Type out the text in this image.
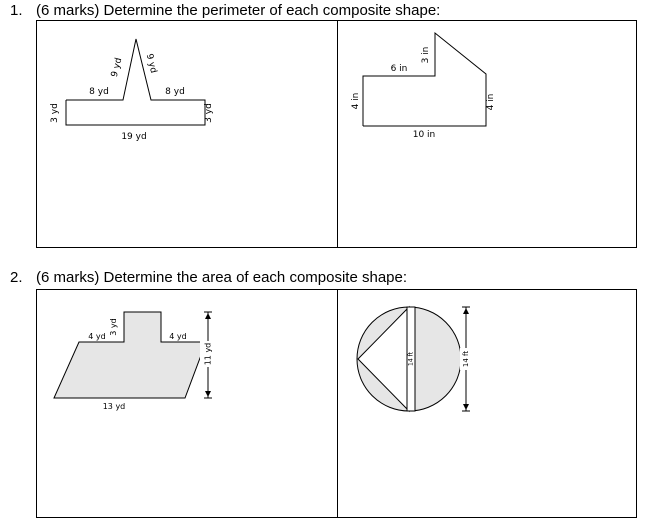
1. (6 marks) Determine the perimeter of each composite shape:
3 yd
19 yd
8 yd	8 yd
9 yd 9 yd
3 yd
4 in
6 in
3 in
10 in
4 in
2. (6 marks) Determine the area of each composite shape:
4 yd
3 yd
4 yd
13 yd
11 yd	14 ft	14 ft
